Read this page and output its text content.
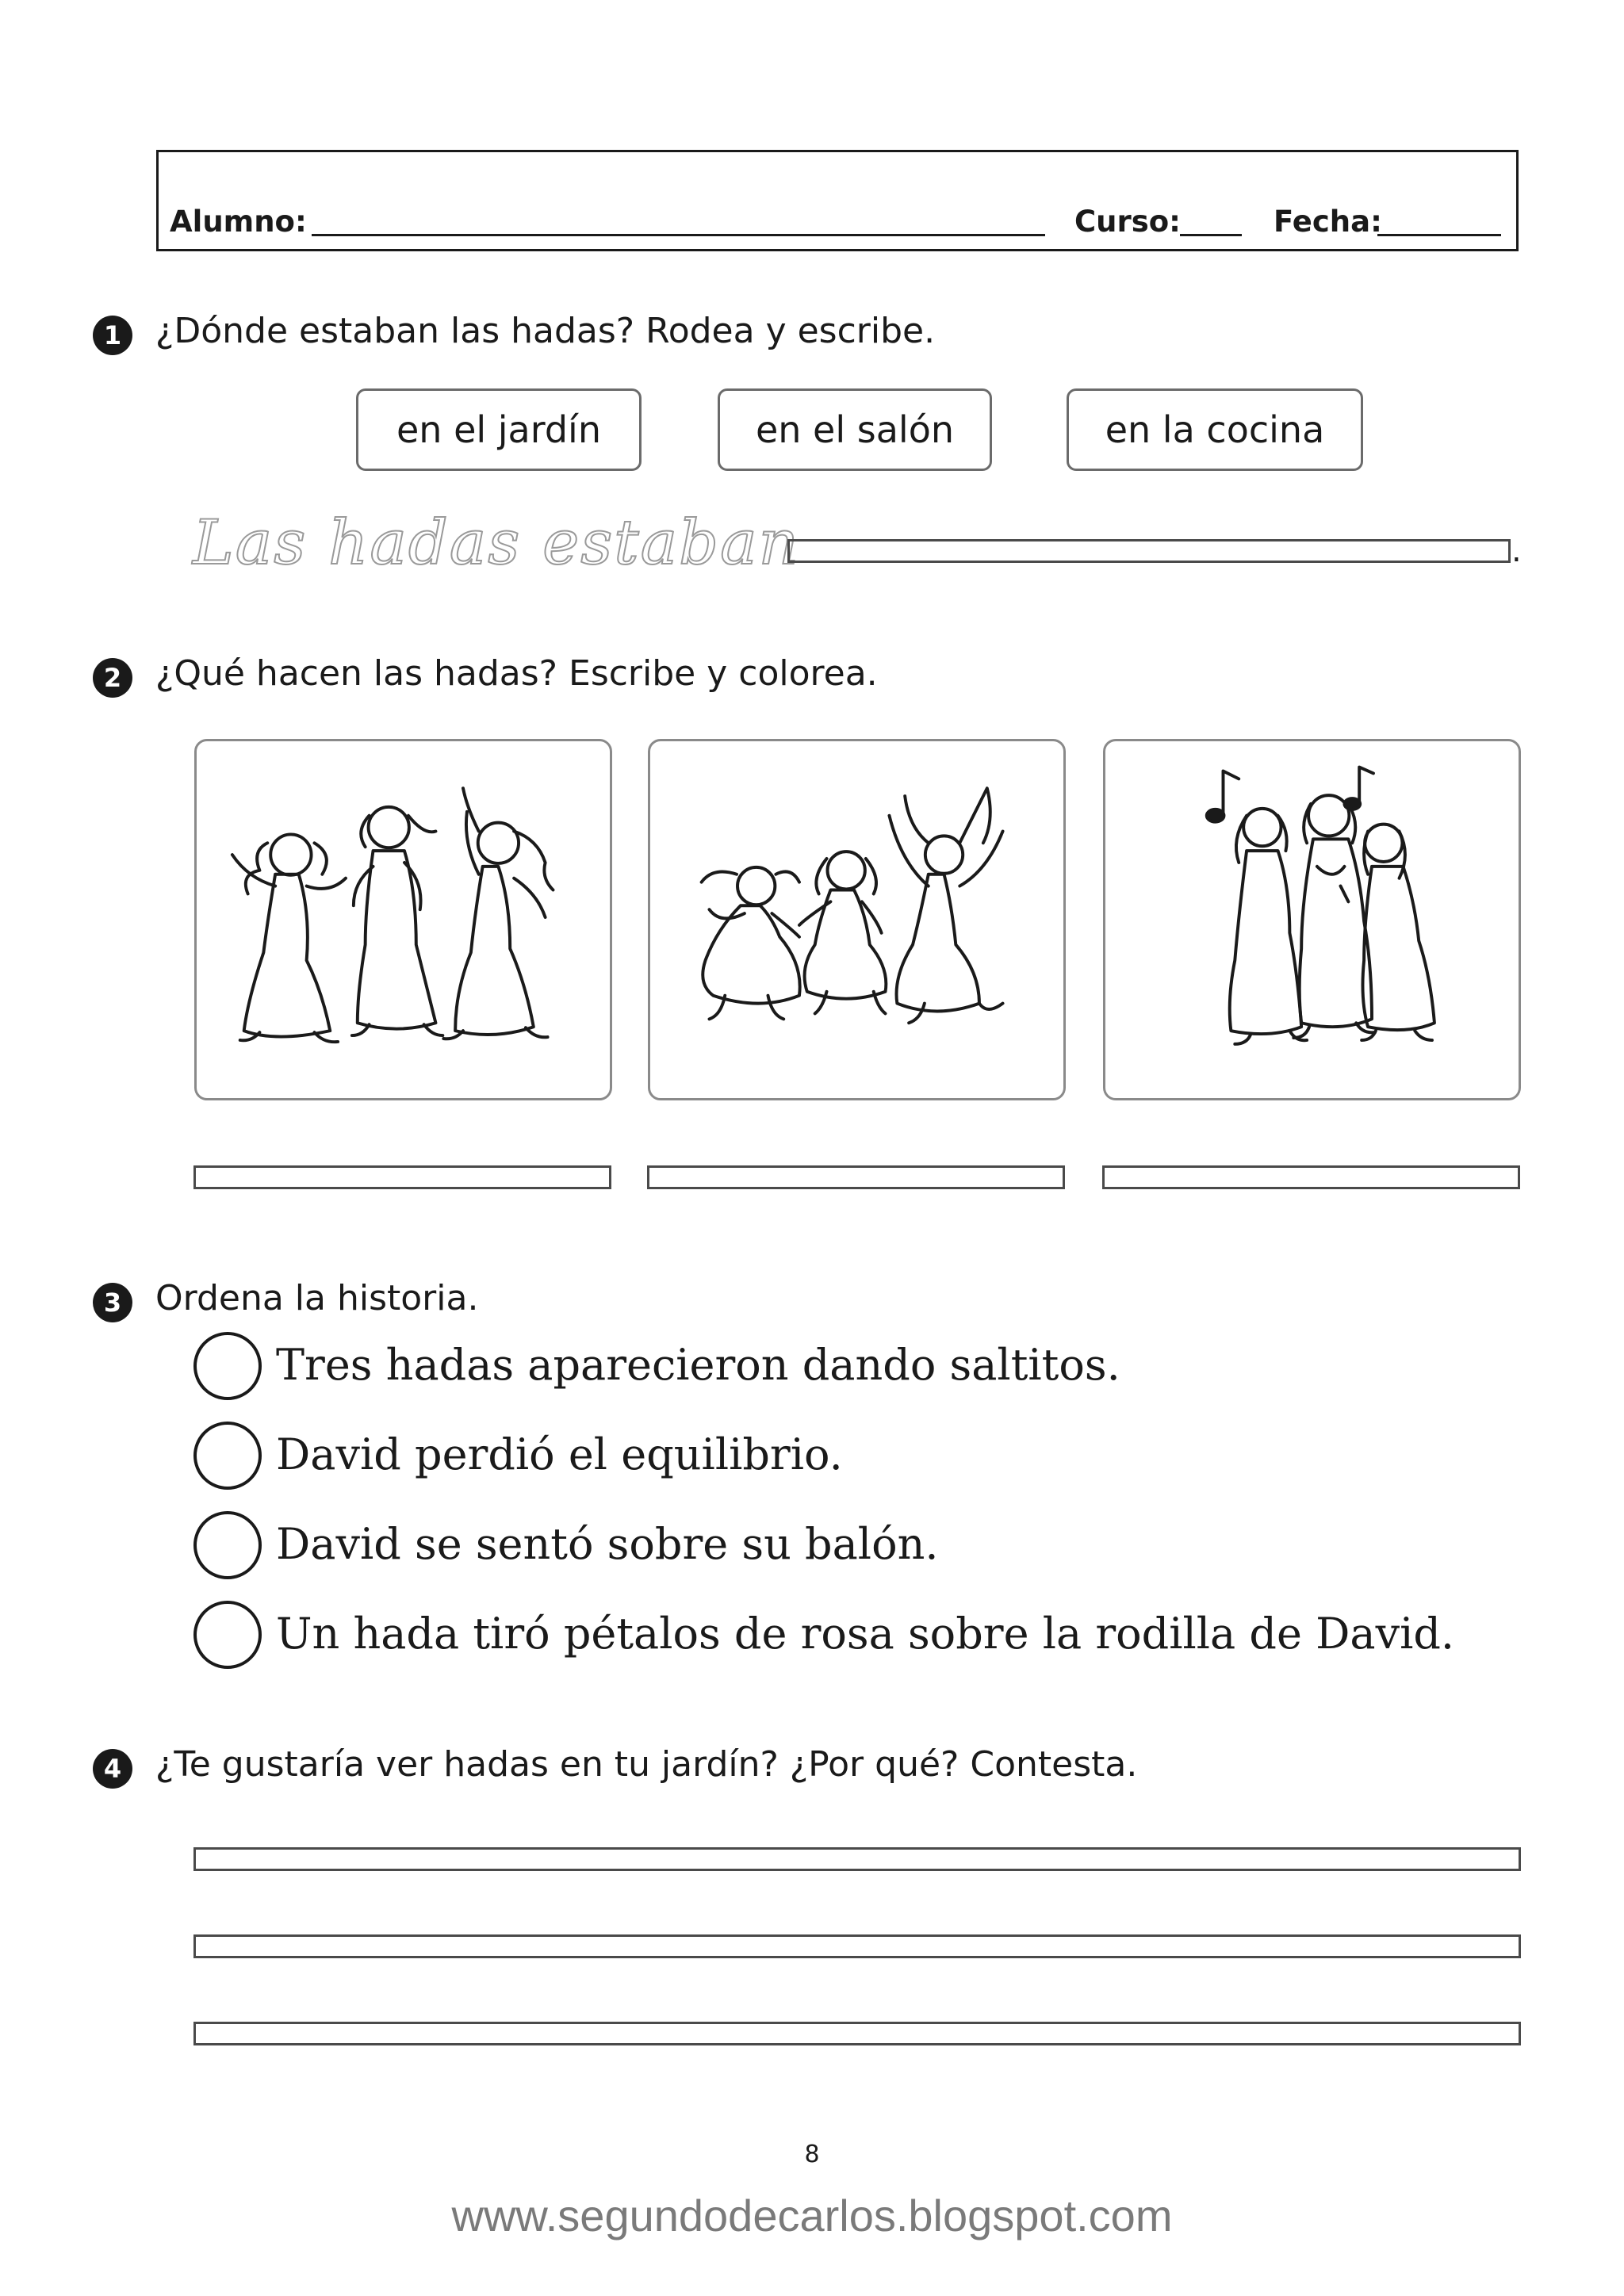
Alumno:	Curso:	Fecha:
1 ¿Dónde estaban las hadas? Rodea y escribe.
en el jardín	en el salón	en la cocina
Las hadas estaban	.
2 ¿Qué hacen las hadas? Escribe y colorea.
3 Ordena la historia.
Tres hadas aparecieron dando saltitos.
David perdió el equilibrio.
David se sentó sobre su balón.
Un hada tiró pétalos de rosa sobre la rodilla de David.
4 ¿Te gustaría ver hadas en tu jardín? ¿Por qué? Contesta.
8
www.segundodecarlos.blogspot.com
